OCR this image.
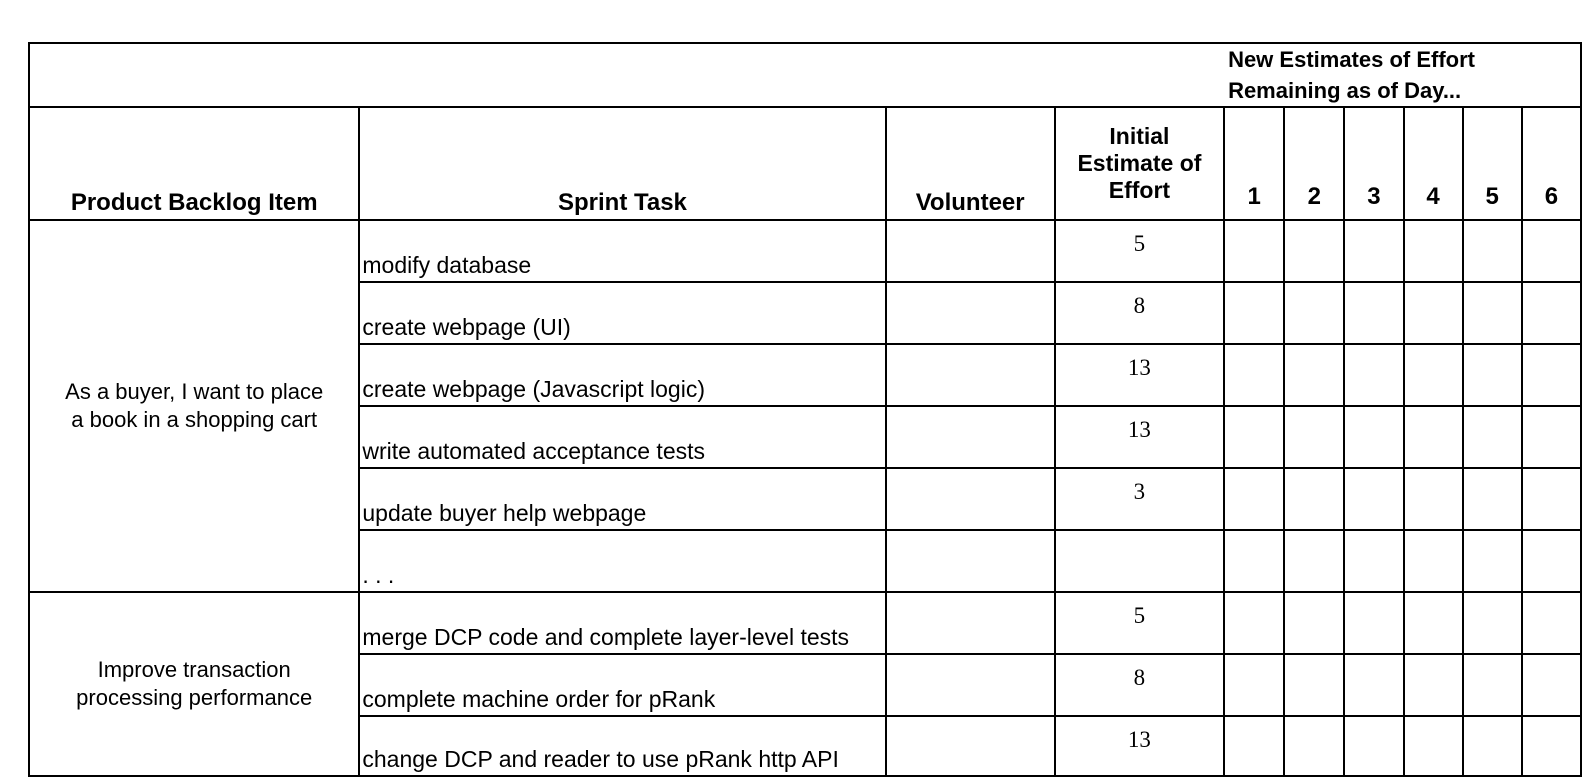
				New Estimates of Effort
Remaining as of Day...					
Product Backlog Item	Sprint Task	Volunteer	Initial
Estimate of
Effort	1	2	3	4	5	6
As a buyer, I want to place
a book in a shopping cart	modify database		5						
	create webpage (UI)		8						
	create webpage (Javascript logic)		13						
	write automated acceptance tests		13						
	update buyer help webpage		3						
	. . .								
Improve transaction
processing performance	merge DCP code and complete layer-level tests		5						
	complete machine order for pRank		8						
	change DCP and reader to use pRank http API		13						
